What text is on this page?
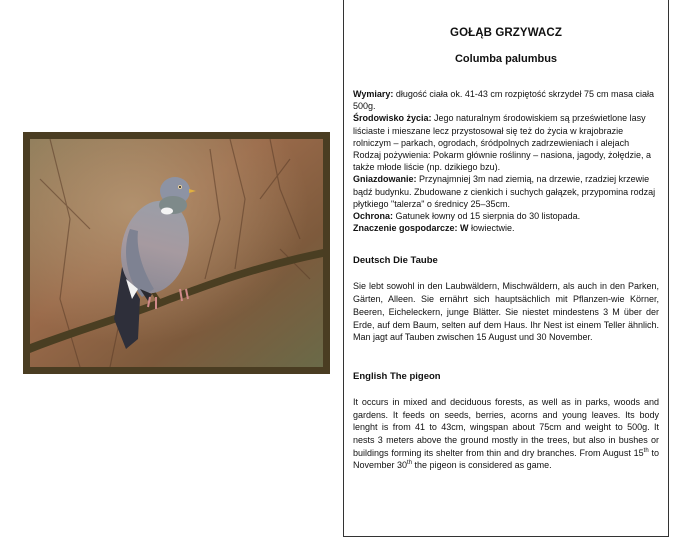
GOŁĄB GRZYWACZ
Columba palumbus
Wymiary: długość ciała ok. 41-43 cm rozpiętość skrzydeł 75 cm masa ciała 500g.
Środowisko życia: Jego naturalnym środowiskiem są prześwietlone lasy liściaste i mieszane lecz przystosował się też do życia w krajobrazie rolniczym – parkach, ogrodach, śródpolnych zadrzewieniach i alejach Rodzaj pożywienia: Pokarm głównie roślinny – nasiona, jagody, żołędzie, a także młode liście (np. dzikiego bzu).
Gniazdowanie: Przynajmniej 3m nad ziemią, na drzewie, rzadziej krzewie bądź budynku. Zbudowane z cienkich i suchych gałązek, przypomina rodzaj płytkiego "talerza" o średnicy 25–35cm.
Ochrona: Gatunek łowny od 15 sierpnia do 30 listopada.
Znaczenie gospodarcze: W łowiectwie.
Deutsch Die Taube
Sie lebt sowohl in den Laubwäldern, Mischwäldern, als auch in den Parken, Gärten, Alleen. Sie ernährt sich hauptsächlich mit Pflanzen-wie Körner, Beeren, Eicheleckern, junge Blätter. Sie niestet mindestens 3 M über der Erde, auf dem Baum, selten auf dem Haus. Ihr Nest ist einem Teller ähnlich. Man jagt auf Tauben zwischen 15 August und 30 November.
English The pigeon
It occurs in mixed and deciduous forests, as well as in parks, woods and gardens. It feeds on seeds, berries, acorns and young leaves. Its body lenght is from 41 to 43cm, wingspan about 75cm and weight to 500g. It nests 3 meters above the ground mostly in the trees, but also in bushes or buildings forming its shelter from thin and dry branches. From August 15th to November 30th the pigeon is considered as game.
